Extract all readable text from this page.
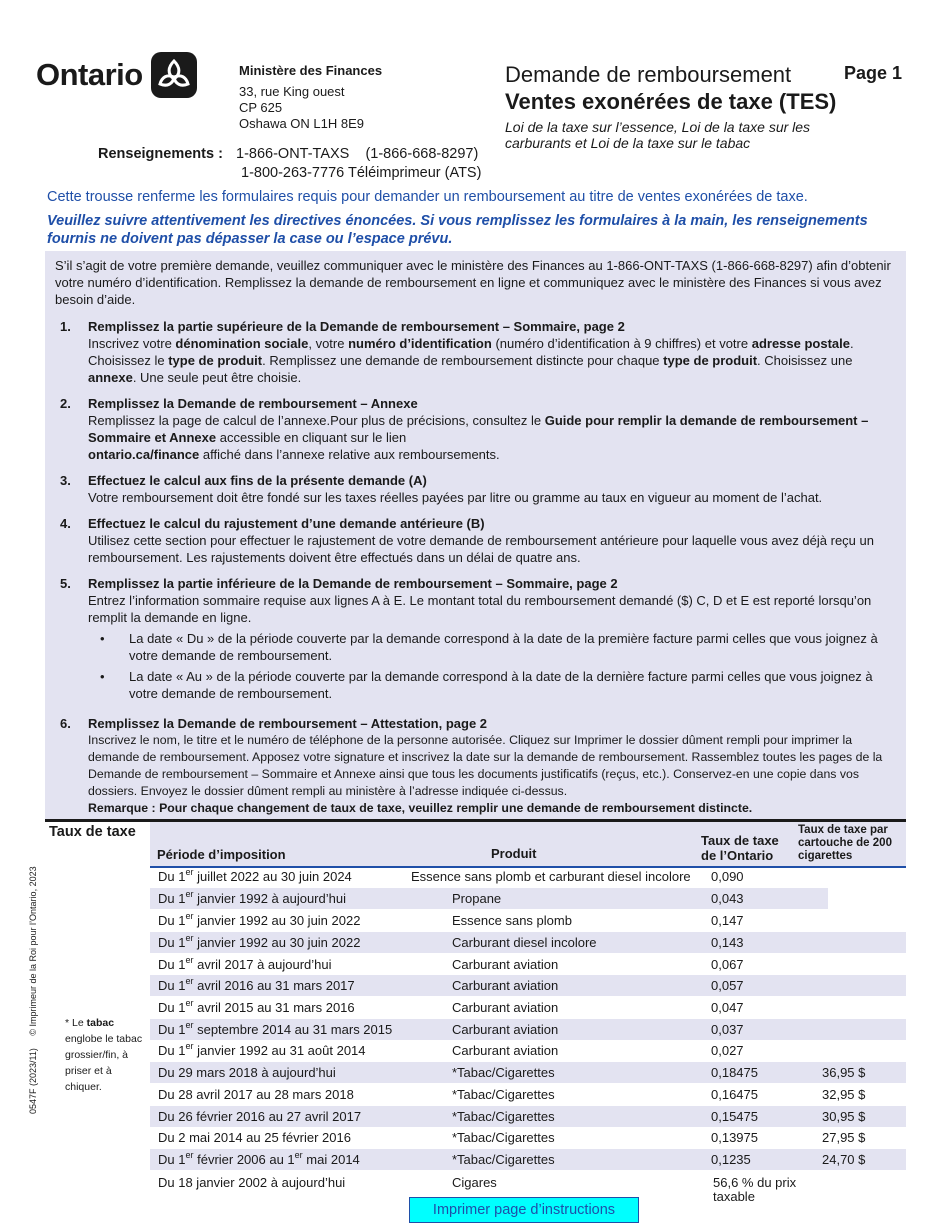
Ontario	Ministère des Finances
33, rue King ouest
CP 625
Oshawa ON L1H 8E9
Demande de remboursement
Ventes exonérées de taxe (TES)
Loi de la taxe sur l’essence, Loi de la taxe sur les carburants et Loi de la taxe sur le tabac
Page 1
Renseignements : 1-866-ONT-TAXS    (1-866-668-8297)
1-800-263-7776 Téléimprimeur (ATS)
Cette trousse renferme les formulaires requis pour demander un remboursement au titre de ventes exonérées de taxe.
Veuillez suivre attentivement les directives énoncées. Si vous remplissez les formulaires à la main, les renseignements fournis ne doivent pas dépasser la case ou l’espace prévu.
S’il s’agit de votre première demande, veuillez communiquer avec le ministère des Finances au 1-866-ONT-TAXS (1-866-668-8297) afin d’obtenir votre numéro d’identification. Remplissez la demande de remboursement en ligne et communiquez avec le ministère des Finances si vous avez besoin d’aide.
1.	Remplissez la partie supérieure de la Demande de remboursement – Sommaire, page 2
Inscrivez votre dénomination sociale, votre numéro d’identification (numéro d’identification à 9 chiffres) et votre adresse postale. Choisissez le type de produit. Remplissez une demande de remboursement distincte pour chaque type de produit. Choisissez une annexe. Une seule peut être choisie.
2.	Remplissez la Demande de remboursement – Annexe
Remplissez la page de calcul de l’annexe.Pour plus de précisions, consultez le Guide pour remplir la demande de remboursement – Sommaire et Annexe accessible en cliquant sur le lien
ontario.ca/finance affiché dans l’annexe relative aux remboursements.
3.	Effectuez le calcul aux fins de la présente demande (A)
Votre remboursement doit être fondé sur les taxes réelles payées par litre ou gramme au taux en vigueur au moment de l’achat.
4.	Effectuez le calcul du rajustement d’une demande antérieure (B)
Utilisez cette section pour effectuer le rajustement de votre demande de remboursement antérieure pour laquelle vous avez déjà reçu un remboursement. Les rajustements doivent être effectués dans un délai de quatre ans.
5.	Remplissez la partie inférieure de la Demande de remboursement – Sommaire, page 2
Entrez l’information sommaire requise aux lignes A à E. Le montant total du remboursement demandé ($) C, D et E est reporté lorsqu’on remplit la demande en ligne.
•	La date « Du » de la période couverte par la demande correspond à la date de la première facture parmi celles que vous joignez à votre demande de remboursement.
•	La date « Au » de la période couverte par la demande correspond à la date de la dernière facture parmi celles que vous joignez à votre demande de remboursement.
6.	Remplissez la Demande de remboursement – Attestation, page 2
Inscrivez le nom, le titre et le numéro de téléphone de la personne autorisée. Cliquez sur Imprimer le dossier dûment rempli pour imprimer la demande de remboursement. Apposez votre signature et inscrivez la date sur la demande de remboursement. Rassemblez toutes les pages de la Demande de remboursement – Sommaire et Annexe ainsi que tous les documents justificatifs (reçus, etc.). Conservez-en une copie dans vos dossiers. Envoyez le dossier dûment rempli au ministère à l’adresse indiquée ci-dessus.
Remarque : Pour chaque changement de taux de taxe, veuillez remplir une demande de remboursement distincte.
Taux de taxe
* Le tabac englobe le tabac grossier/fin, à priser et à chiquer.
0547F (2023/11)     © Imprimeur de la Roi pour l’Ontario, 2023
Période d’imposition	Produit
Taux de taxe de l’Ontario
Taux de taxe par cartouche de 200 cigarettes
Du 1er juillet 2022 au 30 juin 2024	Essence sans plomb et carburant diesel incolore 0,090
Du 1er janvier 1992 à aujourd’hui	Propane	0,043
Du 1er janvier 1992 au 30 juin 2022	Essence sans plomb	0,147
Du 1er janvier 1992 au 30 juin 2022	Carburant diesel incolore	0,143
Du 1er avril 2017 à aujourd’hui	Carburant aviation	0,067
Du 1er avril 2016 au 31 mars 2017	Carburant aviation	0,057
Du 1er avril 2015 au 31 mars 2016	Carburant aviation	0,047
Du 1er septembre 2014 au 31 mars 2015	Carburant aviation	0,037
Du 1er janvier 1992 au 31 août 2014	Carburant aviation	0,027
Du 29 mars 2018 à aujourd’hui	*Tabac/Cigarettes	0,18475	36,95 $
Du 28 avril 2017 au 28 mars 2018	*Tabac/Cigarettes	0,16475	32,95 $
Du 26 février 2016 au 27 avril 2017	*Tabac/Cigarettes	0,15475	30,95 $
Du 2 mai 2014 au 25 février 2016	*Tabac/Cigarettes	0,13975	27,95 $
Du 1er février 2006 au 1er mai 2014	*Tabac/Cigarettes	0,1235	24,70 $
Du 18 janvier 2002 à aujourd’hui	Cigares	56,6 % du prix taxable
Imprimer page d’instructions
